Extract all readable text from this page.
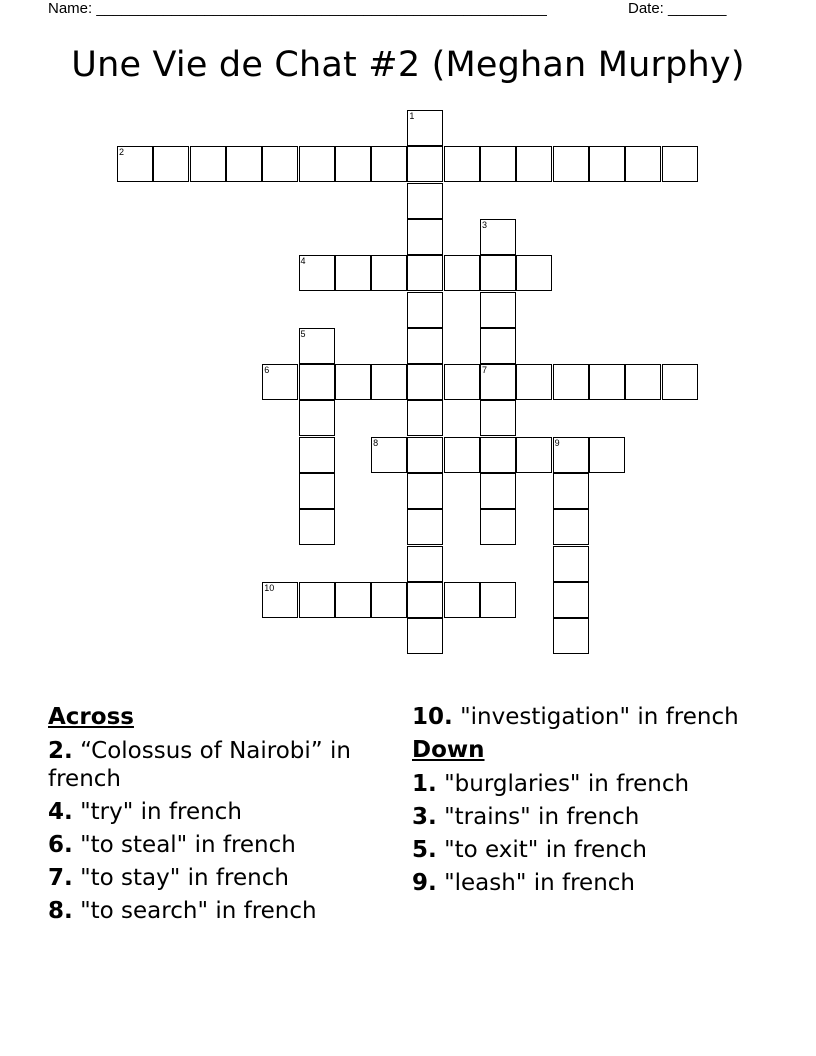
Name: ______________________________________________________	Date: _______
Une Vie de Chat #2 (Meghan Murphy)
1
2
3
4
5
6	7
8	9
10
Across
2. “Colossus of Nairobi” in french
4. "try" in french
6. "to steal" in french
7. "to stay" in french
8. "to search" in french
10. "investigation" in french
Down
1. "burglaries" in french
3. "trains" in french
5. "to exit" in french
9. "leash" in french
